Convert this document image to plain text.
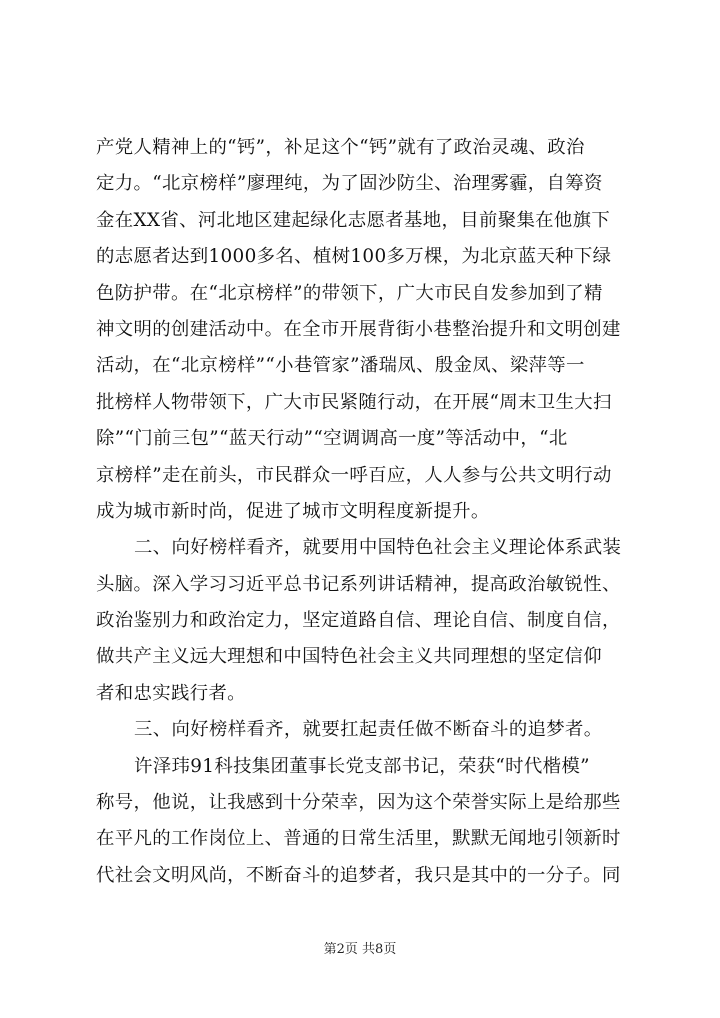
产党人精神上的“钙”，补足这个“钙”就有了政治灵魂、政治
定力。“北京榜样”廖理纯，为了固沙防尘、治理雾霾，自筹资
金在XX省、河北地区建起绿化志愿者基地，目前聚集在他旗下
的志愿者达到1000多名、植树100多万棵，为北京蓝天种下绿
色防护带。在“北京榜样”的带领下，广大市民自发参加到了精
神文明的创建活动中。在全市开展背街小巷整治提升和文明创建
活动，在“北京榜样”“小巷管家”潘瑞凤、殷金凤、梁萍等一
批榜样人物带领下，广大市民紧随行动，在开展“周末卫生大扫
除”“门前三包”“蓝天行动”“空调调高一度”等活动中，“北
京榜样”走在前头，市民群众一呼百应，人人参与公共文明行动
成为城市新时尚，促进了城市文明程度新提升。
二、向好榜样看齐，就要用中国特色社会主义理论体系武装
头脑。深入学习习近平总书记系列讲话精神，提高政治敏锐性、
政治鉴别力和政治定力，坚定道路自信、理论自信、制度自信，
做共产主义远大理想和中国特色社会主义共同理想的坚定信仰
者和忠实践行者。
三、向好榜样看齐，就要扛起责任做不断奋斗的追梦者。
许泽玮91科技集团董事长党支部书记，荣获“时代楷模”
称号，他说，让我感到十分荣幸，因为这个荣誉实际上是给那些
在平凡的工作岗位上、普通的日常生活里，默默无闻地引领新时
代社会文明风尚，不断奋斗的追梦者，我只是其中的一分子。同
第2页 共8页
